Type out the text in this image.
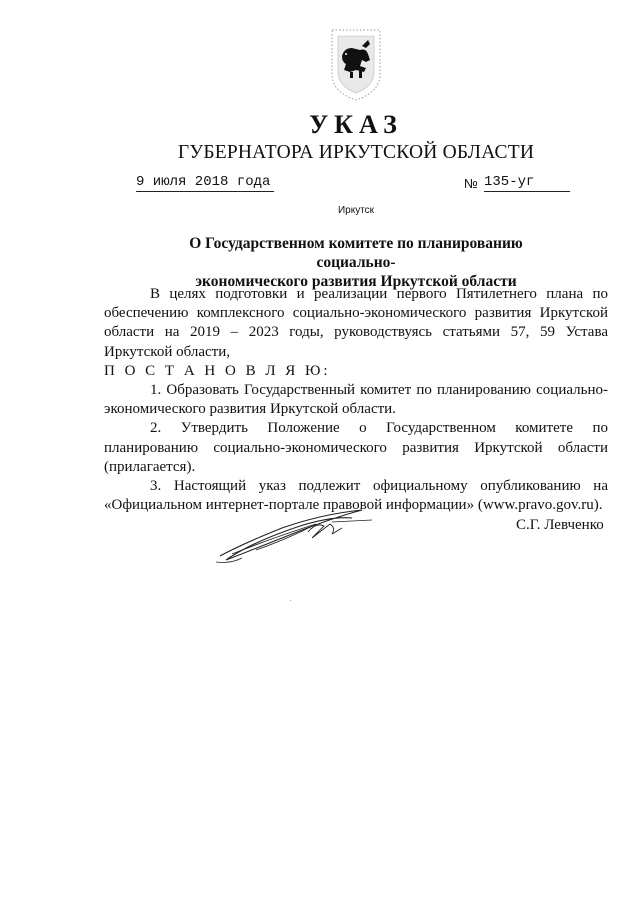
УКАЗ
ГУБЕРНАТОРА ИРКУТСКОЙ ОБЛАСТИ
9 июля 2018 года	№ 135-уг
Иркутск
О Государственном комитете по планированию социально-
экономического развития Иркутской области

В целях подготовки и реализации первого Пятилетнего плана по обеспечению комплексного социально-экономического развития Иркутской области на 2019 – 2023 годы, руководствуясь статьями 57, 59 Устава Иркутской области,

П О С Т А Н О В Л Я Ю:

1. Образовать Государственный комитет по планированию социально-экономического развития Иркутской области.

2. Утвердить Положение о Государственном комитете по планированию социально-экономического развития Иркутской области (прилагается).

3. Настоящий указ подлежит официальному опубликованию на «Официальном интернет-портале правовой информации» (www.pravo.gov.ru).

С.Г. Левченко
